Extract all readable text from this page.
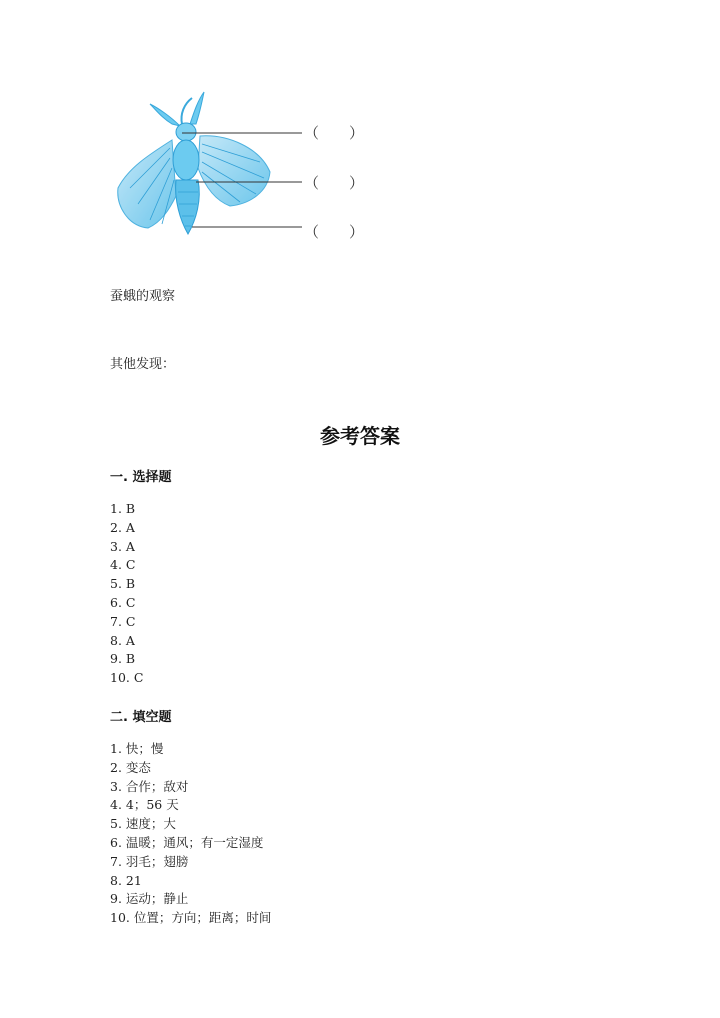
（　　）
（　　）
（　　）
蚕蛾的观察
其他发现：
参考答案
一. 选择题
1. B
2. A
3. A
4. C
5. B
6. C
7. C
8. A
9. B
10. C
二. 填空题
1. 快；慢
2. 变态
3. 合作；敌对
4. 4；56 天
5. 速度；大
6. 温暖；通风；有一定湿度
7. 羽毛；翅膀
8. 21
9. 运动；静止
10. 位置；方向；距离；时间
